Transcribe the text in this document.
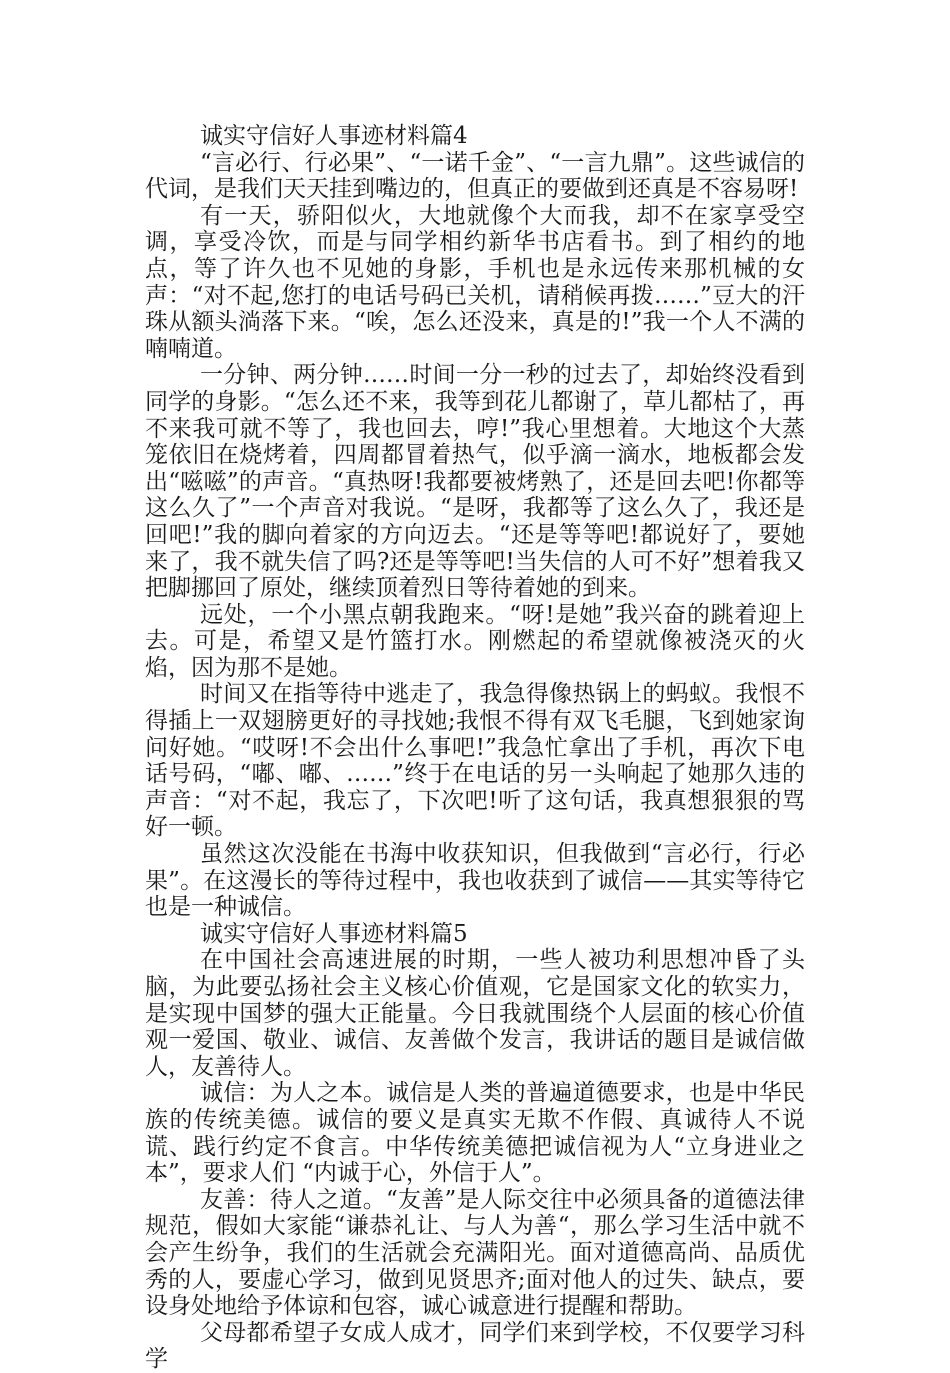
诚实守信好人事迹材料篇4

“言必行、行必果”、“一诺千金”、“一言九鼎”。这些诚信的代词，是我们天天挂到嘴边的，但真正的要做到还真是不容易呀!

有一天，骄阳似火，大地就像个大而我，却不在家享受空调，享受冷饮，而是与同学相约新华书店看书。到了相约的地点，等了许久也不见她的身影，手机也是永远传来那机械的女声：“对不起,您打的电话号码已关机，请稍候再拨……”豆大的汗珠从额头淌落下来。“唉，怎么还没来，真是的!”我一个人不满的喃喃道。

一分钟、两分钟……时间一分一秒的过去了，却始终没看到同学的身影。“怎么还不来，我等到花儿都谢了，草儿都枯了，再不来我可就不等了，我也回去，哼!”我心里想着。大地这个大蒸笼依旧在烧烤着，四周都冒着热气，似乎滴一滴水，地板都会发出“嗞嗞”的声音。“真热呀!我都要被烤熟了，还是回去吧!你都等这么久了”一个声音对我说。“是呀，我都等了这么久了，我还是回吧!”我的脚向着家的方向迈去。“还是等等吧!都说好了，要她来了，我不就失信了吗?还是等等吧!当失信的人可不好”想着我又把脚挪回了原处，继续顶着烈日等待着她的到来。

远处，一个小黑点朝我跑来。“呀!是她”我兴奋的跳着迎上去。可是，希望又是竹篮打水。刚燃起的希望就像被浇灭的火焰，因为那不是她。

时间又在指等待中逃走了，我急得像热锅上的蚂蚁。我恨不得插上一双翅膀更好的寻找她;我恨不得有双飞毛腿，飞到她家询问好她。“哎呀!不会出什么事吧!”我急忙拿出了手机，再次下电话号码，“嘟、嘟、……”终于在电话的另一头响起了她那久违的声音：“对不起，我忘了，下次吧!听了这句话，我真想狠狠的骂好一顿。

虽然这次没能在书海中收获知识，但我做到“言必行，行必果”。在这漫长的等待过程中，我也收获到了诚信——其实等待它也是一种诚信。

诚实守信好人事迹材料篇5

在中国社会高速进展的时期，一些人被功利思想冲昏了头脑，为此要弘扬社会主义核心价值观，它是国家文化的软实力，是实现中国梦的强大正能量。今日我就围绕个人层面的核心价值观一爱国、敬业、诚信、友善做个发言，我讲话的题目是诚信做人，友善待人。

诚信：为人之本。诚信是人类的普遍道德要求，也是中华民族的传统美德。诚信的要义是真实无欺不作假、真诚待人不说谎、践行约定不食言。中华传统美德把诚信视为人“立身进业之本”，要求人们 “内诚于心，外信于人”。

友善：待人之道。“友善”是人际交往中必须具备的道德法律规范，假如大家能“谦恭礼让、与人为善“，那么学习生活中就不会产生纷争，我们的生活就会充满阳光。面对道德高尚、品质优秀的人，要虚心学习，做到见贤思齐;面对他人的过失、缺点，要设身处地给予体谅和包容，诚心诚意进行提醒和帮助。

父母都希望子女成人成才，同学们来到学校，不仅要学习科学
